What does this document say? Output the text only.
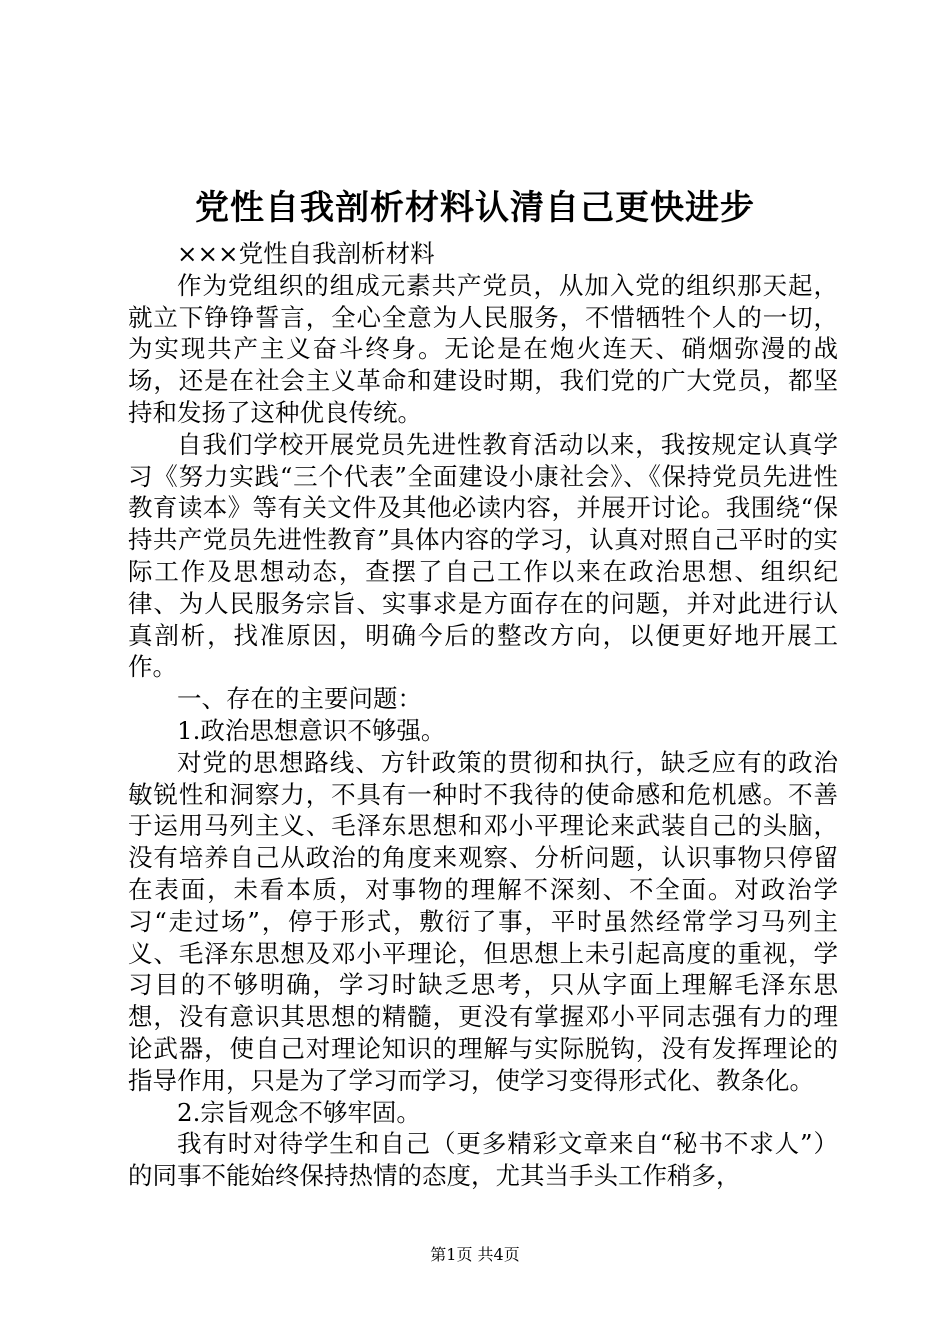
党性自我剖析材料认清自己更快进步

×××党性自我剖析材料

作为党组织的组成元素共产党员，从加入党的组织那天起，就立下铮铮誓言，全心全意为人民服务，不惜牺牲个人的一切，为实现共产主义奋斗终身。无论是在炮火连天、硝烟弥漫的战场，还是在社会主义革命和建设时期，我们党的广大党员，都坚持和发扬了这种优良传统。

自我们学校开展党员先进性教育活动以来，我按规定认真学习《努力实践“三个代表”全面建设小康社会》、《保持党员先进性教育读本》等有关文件及其他必读内容，并展开讨论。我围绕“保持共产党员先进性教育”具体内容的学习，认真对照自己平时的实际工作及思想动态，查摆了自己工作以来在政治思想、组织纪律、为人民服务宗旨、实事求是方面存在的问题，并对此进行认真剖析，找准原因，明确今后的整改方向，以便更好地开展工作。

一、存在的主要问题：

1.政治思想意识不够强。

对党的思想路线、方针政策的贯彻和执行，缺乏应有的政治敏锐性和洞察力，不具有一种时不我待的使命感和危机感。不善于运用马列主义、毛泽东思想和邓小平理论来武装自己的头脑，没有培养自己从政治的角度来观察、分析问题，认识事物只停留在表面，未看本质，对事物的理解不深刻、不全面。对政治学习“走过场”，停于形式，敷衍了事，平时虽然经常学习马列主义、毛泽东思想及邓小平理论，但思想上未引起高度的重视，学习目的不够明确，学习时缺乏思考，只从字面上理解毛泽东思想，没有意识其思想的精髓，更没有掌握邓小平同志强有力的理论武器，使自己对理论知识的理解与实际脱钩，没有发挥理论的指导作用，只是为了学习而学习，使学习变得形式化、教条化。

2.宗旨观念不够牢固。

我有时对待学生和自己（更多精彩文章来自“秘书不求人”）的同事不能始终保持热情的态度，尤其当手头工作稍多，

第1页 共4页
